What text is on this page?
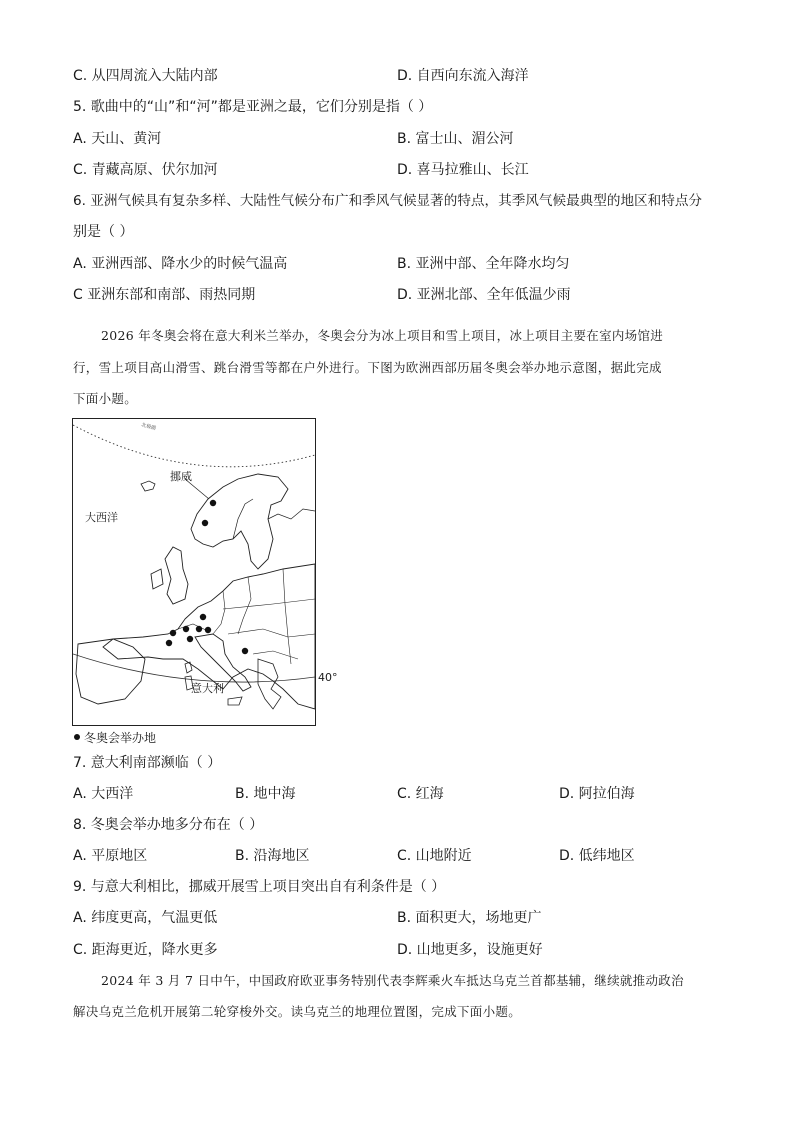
C. 从四周流入大陆内部	D. 自西向东流入海洋
5. 歌曲中的“山”和“河”都是亚洲之最，它们分别是指（ ）
A. 天山、黄河	B. 富士山、湄公河
C. 青藏高原、伏尔加河	D. 喜马拉雅山、长江
6. 亚洲气候具有复杂多样、大陆性气候分布广和季风气候显著的特点，其季风气候最典型的地区和特点分
别是（ ）
A. 亚洲西部、降水少的时候气温高	B. 亚洲中部、全年降水均匀
C 亚洲东部和南部、雨热同期	D. 亚洲北部、全年低温少雨
2026 年冬奥会将在意大利米兰举办，冬奥会分为冰上项目和雪上项目，冰上项目主要在室内场馆进
行，雪上项目高山滑雪、跳台滑雪等都在户外进行。下图为欧洲西部历届冬奥会举办地示意图，据此完成
下面小题。
北极圈
挪威
大西洋
意大利
40°
冬奥会举办地
7. 意大利南部濒临（ ）
A. 大西洋	B. 地中海	C. 红海	D. 阿拉伯海
8. 冬奥会举办地多分布在（ ）
A. 平原地区	B. 沿海地区	C. 山地附近	D. 低纬地区
9. 与意大利相比，挪威开展雪上项目突出自有利条件是（ ）
A. 纬度更高，气温更低	B. 面积更大，场地更广
C. 距海更近，降水更多	D. 山地更多，设施更好
2024 年 3 月 7 日中午，中国政府欧亚事务特别代表李辉乘火车抵达乌克兰首都基辅，继续就推动政治
解决乌克兰危机开展第二轮穿梭外交。读乌克兰的地理位置图，完成下面小题。
